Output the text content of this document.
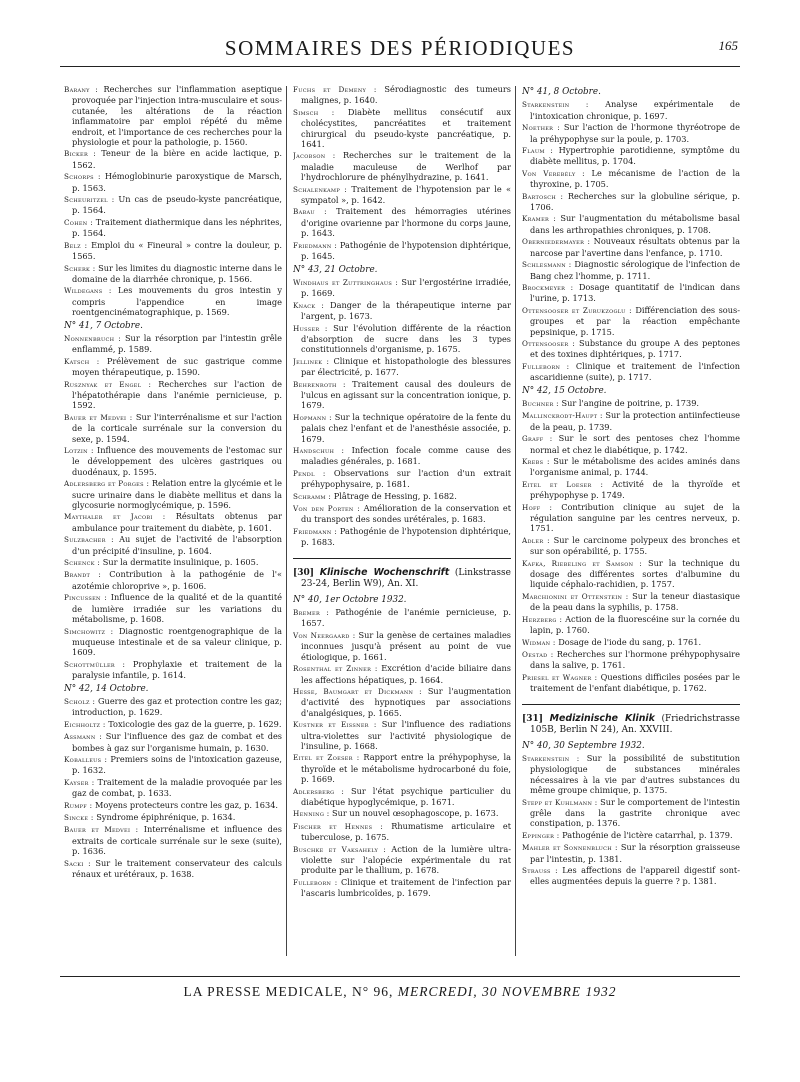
SOMMAIRES DES PÉRIODIQUES	165
Barany : Recherches sur l'inflammation aseptique provoquée par l'injection intra-musculaire et sous-cutanée, les altérations de la réaction inflammatoire par emploi répété du même endroit, et l'importance de ces recherches pour la physiologie et pour la pathologie, p. 1560.
Bicker : Teneur de la bière en acide lactique, p. 1562.
Schorps : Hémoglobinurie paroxystique de Marsch, p. 1563.
Scheuritzel : Un cas de pseudo-kyste pancréatique, p. 1564.
Cohen : Traitement diathermique dans les néphrites, p. 1564.
Belz : Emploi du « Fineural » contre la douleur, p. 1565.
Scherk : Sur les limites du diagnostic interne dans le domaine de la diarrhée chronique, p. 1566.
Wildegans : Les mouvements du gros intestin y compris l'appendice en image roentgencinématographique, p. 1569.
N° 41, 7 Octobre.
Nonnenbruch : Sur la résorption par l'intestin grêle enflammé, p. 1589.
Katsch : Prélèvement de suc gastrique comme moyen thérapeutique, p. 1590.
Rusznyak et Engel : Recherches sur l'action de l'hépatothérapie dans l'anémie pernicieuse, p. 1592.
Bauer et Medvei : Sur l'interrénalisme et sur l'action de la corticale surrénale sur la conversion du sexe, p. 1594.
Lotzin : Influence des mouvements de l'estomac sur le développement des ulcères gastriques ou duodénaux, p. 1595.
Adlersberg et Porges : Relation entre la glycémie et le sucre urinaire dans le diabète mellitus et dans la glycosurie normoglycémique, p. 1596.
Maythaler et Jacobi : Résultats obtenus par ambulance pour traitement du diabète, p. 1601.
Sulzbacher : Au sujet de l'activité de l'absorption d'un précipité d'insuline, p. 1604.
Schenck : Sur la dermatite insulinique, p. 1605.
Brandt : Contribution à la pathogénie de l'« azotémie chloroprive », p. 1606.
Pincussen : Influence de la qualité et de la quantité de lumière irradiée sur les variations du métabolisme, p. 1608.
Simchowitz : Diagnostic roentgenographique de la muqueuse intestinale et de sa valeur clinique, p. 1609.
Schottmüller : Prophylaxie et traitement de la paralysie infantile, p. 1614.
N° 42, 14 Octobre.
Scholz : Guerre des gaz et protection contre les gaz; introduction, p. 1629.
Eichholtz : Toxicologie des gaz de la guerre, p. 1629.
Assmann : Sur l'influence des gaz de combat et des bombes à gaz sur l'organisme humain, p. 1630.
Koballeus : Premiers soins de l'intoxication gazeuse, p. 1632.
Kayser : Traitement de la maladie provoquée par les gaz de combat, p. 1633.
Rumpf : Moyens protecteurs contre les gaz, p. 1634.
Sincke : Syndrome épiphrénique, p. 1634.
Bauer et Medvei : Interrénalisme et influence des extraits de corticale surrénale sur le sexe (suite), p. 1636.
Sacki : Sur le traitement conservateur des calculs rénaux et urétéraux, p. 1638.
Fuchs et Demeny : Sérodiagnostic des tumeurs malignes, p. 1640.
Simsch : Diabète mellitus consécutif aux cholécystites, pancréatites et traitement chirurgical du pseudo-kyste pancréatique, p. 1641.
Jacobson : Recherches sur le traitement de la maladie maculeuse de Werlhof par l'hydrochlorure de phénylhydrazine, p. 1641.
Schalenkamp : Traitement de l'hypotension par le « sympatol », p. 1642.
Babau : Traitement des hémorragies utérines d'origine ovarienne par l'hormone du corps jaune, p. 1643.
Friedmann : Pathogénie de l'hypotension diphtérique, p. 1645.
N° 43, 21 Octobre.
Windhaus et Zuttringhaus : Sur l'ergostérine irradiée, p. 1669.
Knack : Danger de la thérapeutique interne par l'argent, p. 1673.
Husser : Sur l'évolution différente de la réaction d'absorption de sucre dans les 3 types constitutionnels d'organisme, p. 1675.
Jellinek : Clinique et histopathologie des blessures par électricité, p. 1677.
Behrenroth : Traitement causal des douleurs de l'ulcus en agissant sur la concentration ionique, p. 1679.
Hopmann : Sur la technique opératoire de la fente du palais chez l'enfant et de l'anesthésie associée, p. 1679.
Handschuh : Infection focale comme cause des maladies générales, p. 1681.
Pendl : Observations sur l'action d'un extrait préhypophysaire, p. 1681.
Schramm : Plâtrage de Hessing, p. 1682.
Von den Porten : Amélioration de la conservation et du transport des sondes urétérales, p. 1683.
Friedmann : Pathogénie de l'hypotension diphtérique, p. 1683.
[30] Klinische Wochenschrift (Linkstrasse 23-24, Berlin W9), An. XI.
N° 40, 1er Octobre 1932.
Bremer : Pathogénie de l'anémie pernicieuse, p. 1657.
Von Neergaard : Sur la genèse de certaines maladies inconnues jusqu'à présent au point de vue étiologique, p. 1661.
Rosenthal et Zinner : Excrétion d'acide biliaire dans les affections hépatiques, p. 1664.
Hesse, Baumgart et Dickmann : Sur l'augmentation d'activité des hypnotiques par associations d'analgésiques, p. 1665.
Kustner et Eissner : Sur l'influence des radiations ultra-violettes sur l'activité physiologique de l'insuline, p. 1668.
Eitel et Zoeser : Rapport entre la préhypophyse, la thyroïde et le métabolisme hydrocarboné du foie, p. 1669.
Adlersberg : Sur l'état psychique particulier du diabétique hypoglycémique, p. 1671.
Henning : Sur un nouvel œsophagoscope, p. 1673.
Fischer et Hennes : Rhumatisme articulaire et tuberculose, p. 1675.
Buschke et Vaksahely : Action de la lumière ultra-violette sur l'alopécie expérimentale du rat produite par le thallium, p. 1678.
Fulleborn : Clinique et traitement de l'infection par l'ascaris lumbricoïdes, p. 1679.
N° 41, 8 Octobre.
Starkenstein : Analyse expérimentale de l'intoxication chronique, p. 1697.
Noether : Sur l'action de l'hormone thyréotrope de la préhypophyse sur la poule, p. 1703.
Flaum : Hypertrophie parotidienne, symptôme du diabète mellitus, p. 1704.
Von Verebély : Le mécanisme de l'action de la thyroxine, p. 1705.
Bartosch : Recherches sur la globuline sérique, p. 1706.
Kramer : Sur l'augmentation du métabolisme basal dans les arthropathies chroniques, p. 1708.
Oberniedermayer : Nouveaux résultats obtenus par la narcose par l'avertine dans l'enfance, p. 1710.
Schlesmann : Diagnostic sérologique de l'infection de Bang chez l'homme, p. 1711.
Brockmeyer : Dosage quantitatif de l'indican dans l'urine, p. 1713.
Ottensooser et Zurukzoglu : Différenciation des sous-groupes et par la réaction empêchante pepsinique, p. 1715.
Ottensooser : Substance du groupe A des peptones et des toxines diphtériques, p. 1717.
Fulleborn : Clinique et traitement de l'infection ascaridienne (suite), p. 1717.
N° 42, 15 Octobre.
Buchner : Sur l'angine de poitrine, p. 1739.
Mallinckrodt-Haupt : Sur la protection antiinfectieuse de la peau, p. 1739.
Graff : Sur le sort des pentoses chez l'homme normal et chez le diabétique, p. 1742.
Krebs : Sur le métabolisme des acides aminés dans l'organisme animal, p. 1744.
Eitel et Loeser : Activité de la thyroïde et préhypophyse p. 1749.
Hoff : Contribution clinique au sujet de la régulation sanguine par les centres nerveux, p. 1751.
Adler : Sur le carcinome polypeux des bronches et sur son opérabilité, p. 1755.
Kafka, Riebeling et Samson : Sur la technique du dosage des différentes sortes d'albumine du liquide céphalo-rachidien, p. 1757.
Marchionini et Ottenstein : Sur la teneur diastasique de la peau dans la syphilis, p. 1758.
Herzberg : Action de la fluorescéine sur la cornée du lapin, p. 1760.
Widman : Dosage de l'iode du sang, p. 1761.
Oestad : Recherches sur l'hormone préhypophysaire dans la salive, p. 1761.
Priesel et Wagner : Questions difficiles posées par le traitement de l'enfant diabétique, p. 1762.
[31] Medizinische Klinik (Friedrichstrasse 105B, Berlin N 24), An. XXVIII.
N° 40, 30 Septembre 1932.
Starkenstein : Sur la possibilité de substitution physiologique de substances minérales nécessaires à la vie par d'autres substances du même groupe chimique, p. 1375.
Stepp et Kuhlmann : Sur le comportement de l'intestin grêle dans la gastrite chronique avec constipation, p. 1376.
Eppinger : Pathogénie de l'ictère catarrhal, p. 1379.
Mahler et Sonnenbluch : Sur la résorption graisseuse par l'intestin, p. 1381.
Strauss : Les affections de l'appareil digestif sont-elles augmentées depuis la guerre ? p. 1381.
LA PRESSE MEDICALE, N° 96, MERCREDI, 30 NOVEMBRE 1932
